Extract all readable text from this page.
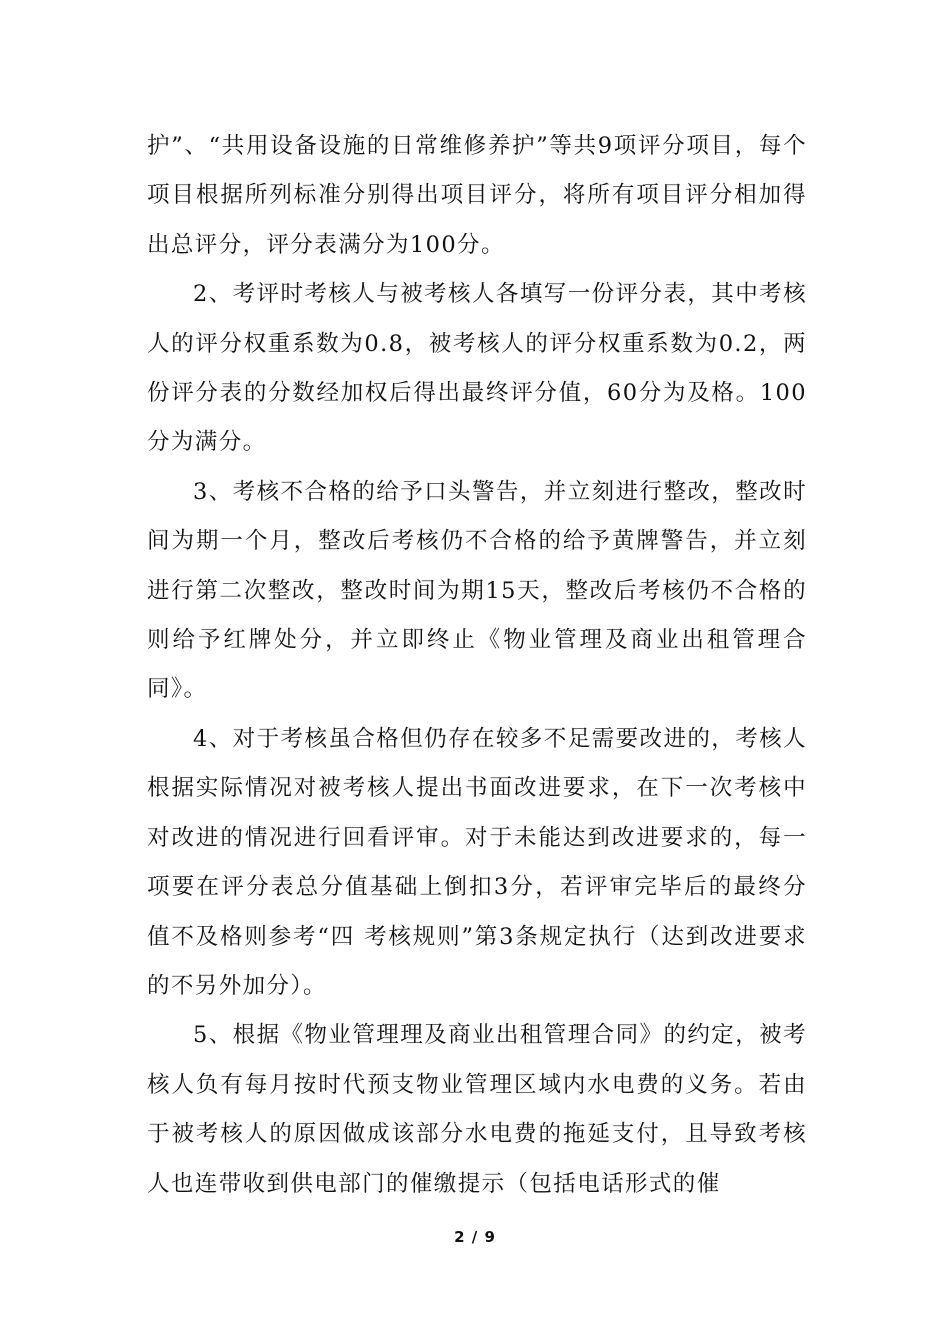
护”、“共用设备设施的日常维修养护”等共9项评分项目，每个项目根据所列标准分别得出项目评分，将所有项目评分相加得出总评分，评分表满分为100分。

2、考评时考核人与被考核人各填写一份评分表，其中考核人的评分权重系数为0.8，被考核人的评分权重系数为0.2，两份评分表的分数经加权后得出最终评分值，60分为及格。100分为满分。

3、考核不合格的给予口头警告，并立刻进行整改，整改时间为期一个月，整改后考核仍不合格的给予黄牌警告，并立刻进行第二次整改，整改时间为期15天，整改后考核仍不合格的则给予红牌处分，并立即终止《物业管理及商业出租管理合同》。

4、对于考核虽合格但仍存在较多不足需要改进的，考核人根据实际情况对被考核人提出书面改进要求，在下一次考核中对改进的情况进行回看评审。对于未能达到改进要求的，每一项要在评分表总分值基础上倒扣3分，若评审完毕后的最终分值不及格则参考“四 考核规则”第3条规定执行（达到改进要求的不另外加分）。

5、根据《物业管理理及商业出租管理合同》的约定，被考核人负有每月按时代预支物业管理区域内水电费的义务。若由于被考核人的原因做成该部分水电费的拖延支付，且导致考核人也连带收到供电部门的催缴提示（包括电话形式的催

2 / 9
